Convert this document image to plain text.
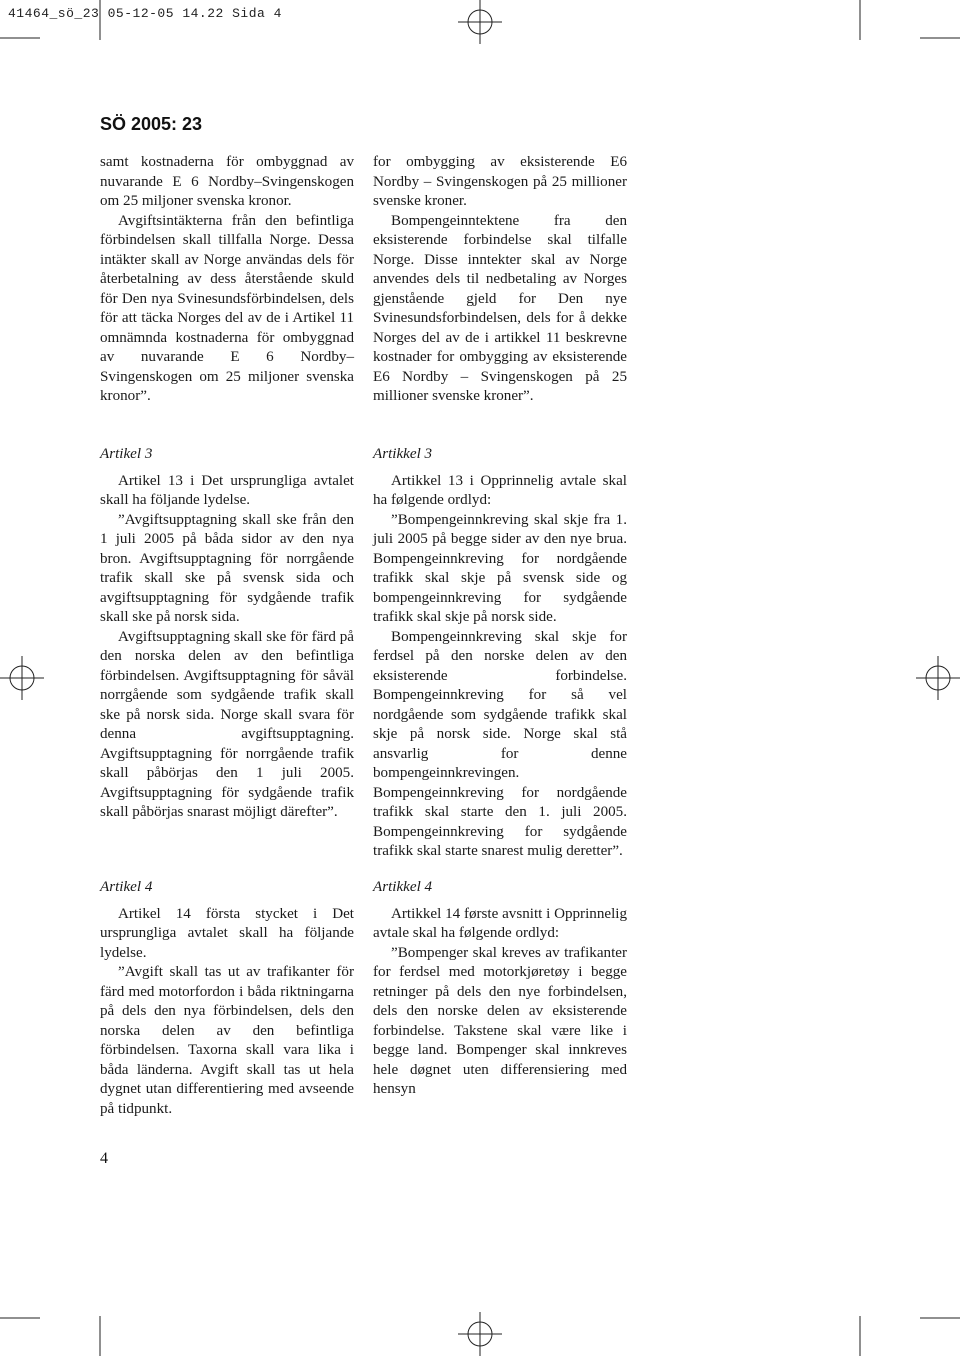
41464_sö_23 05-12-05 14.22 Sida 4
SÖ 2005: 23

samt kostnaderna för ombyggnad av nuvarande E 6 Nordby–Svingenskogen om 25 miljoner svenska kronor.

Avgiftsintäkterna från den befintliga förbindelsen skall tillfalla Norge. Dessa intäkter skall av Norge användas dels för återbetalning av dess återstående skuld för Den nya Svinesundsförbindelsen, dels för att täcka Norges del av de i Artikel 11 omnämnda kostnaderna för ombyggnad av nuvarande E 6 Nordby–Svingenskogen om 25 miljoner svenska kronor”.

Artikel 3

Artikel 13 i Det ursprungliga avtalet skall ha följande lydelse.

”Avgiftsupptagning skall ske från den 1 juli 2005 på båda sidor av den nya bron. Avgiftsupptagning för norrgående trafik skall ske på svensk sida och avgiftsupptagning för sydgående trafik skall ske på norsk sida.

Avgiftsupptagning skall ske för färd på den norska delen av den befintliga förbindelsen. Avgiftsupptagning för såväl norrgående som sydgående trafik skall ske på norsk sida. Norge skall svara för denna avgiftsupptagning. Avgiftsupptagning för norrgående trafik skall påbörjas den 1 juli 2005. Avgiftsupptagning för sydgående trafik skall påbörjas snarast möjligt därefter”.

Artikel 4

Artikel 14 första stycket i Det ursprungliga avtalet skall ha följande lydelse.

”Avgift skall tas ut av trafikanter för färd med motorfordon i båda riktningarna på dels den nya förbindelsen, dels den norska delen av den befintliga förbindelsen. Taxorna skall vara lika i båda länderna. Avgift skall tas ut hela dygnet utan differentiering med avseende på tidpunkt.

for ombygging av eksisterende E6 Nordby – Svingenskogen på 25 millioner svenske kroner.

Bompengeinntektene fra den eksisterende forbindelse skal tilfalle Norge. Disse inntekter skal av Norge anvendes dels til nedbetaling av Norges gjenstående gjeld for Den nye Svinesundsforbindelsen, dels for å dekke Norges del av de i artikkel 11 beskrevne kostnader for ombygging av eksisterende E6 Nordby – Svingenskogen på 25 millioner svenske kroner”.

Artikkel 3

Artikkel 13 i Opprinnelig avtale skal ha følgende ordlyd:

”Bompengeinnkreving skal skje fra 1. juli 2005 på begge sider av den nye brua. Bompengeinnkreving for nordgående trafikk skal skje på svensk side og bompengeinnkreving for sydgående trafikk skal skje på norsk side.

Bompengeinnkreving skal skje for ferdsel på den norske delen av den eksisterende forbindelse. Bompengeinnkreving for så vel nordgående som sydgående trafikk skal skje på norsk side. Norge skal stå ansvarlig for denne bompengeinnkrevingen. Bompengeinnkreving for nordgående trafikk skal starte den 1. juli 2005. Bompengeinnkreving for sydgående trafikk skal starte snarest mulig deretter”.

Artikkel 4

Artikkel 14 første avsnitt i Opprinnelig avtale skal ha følgende ordlyd:

”Bompenger skal kreves av trafikanter for ferdsel med motorkjøretøy i begge retninger på dels den nye forbindelsen, dels den norske delen av eksisterende forbindelse. Takstene skal være like i begge land. Bompenger skal innkreves hele døgnet uten differensiering med hensyn

4
